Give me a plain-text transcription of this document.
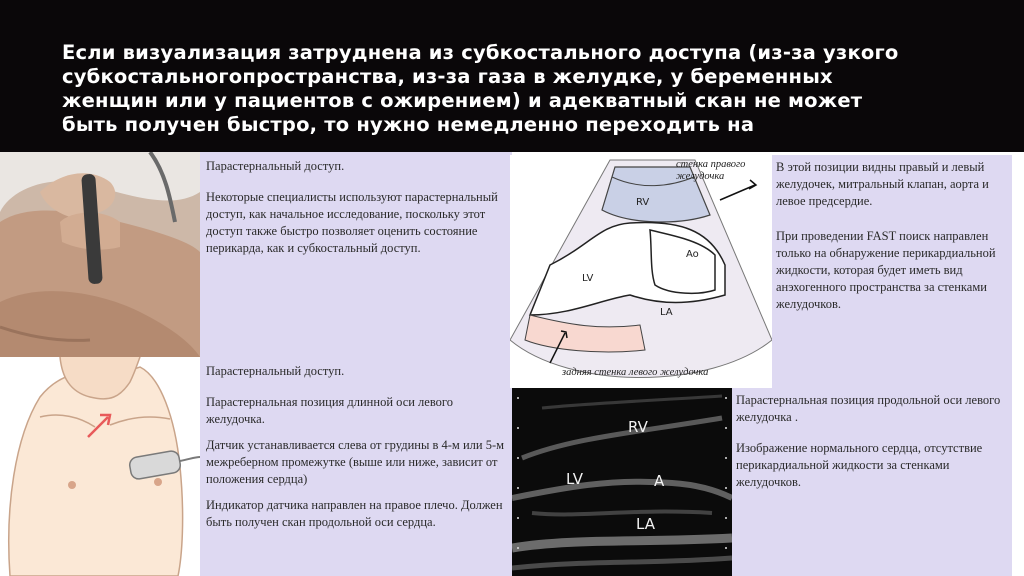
Если визуализация затруднена из субкостального доступа (из-за узкого
субкостальногопространства, из-за газа в желудке, у беременных
женщин или у пациентов с ожирением) и адекватный скан не может
быть получен быстро, то нужно немедленно переходить на

Парастернальный доступ.

Некоторые специалисты используют парастернальный доступ, как начальное исследование, поскольку этот доступ также быстро позволяет оценить состояние перикарда, как и субкостальный доступ.

Парастернальный доступ.

Парастернальная позиция длинной оси левого желудочка.

Датчик устанавливается слева от грудины в 4-м или 5-м межреберном промежутке (выше или ниже, зависит от положения сердца)

Индикатор датчика направлен на правое плечо. Должен быть получен скан продольной оси сердца.

стенка правого
желудочка
RV
Ao
LV
LA
задняя стенка левого желудочка

В этой позиции видны правый и левый желудочек, митральный клапан, аорта и левое предсердие.

При проведении FAST поиск направлен только на обнаружение перикардиальной жидкости, которая будет иметь вид анэхогенного пространства за стенками желудочков.

RV
LV	A
LA

Парастернальная позиция продольной оси левого желудочка .

Изображение нормального сердца, отсутствие перикардиальной жидкости за стенками желудочков.
